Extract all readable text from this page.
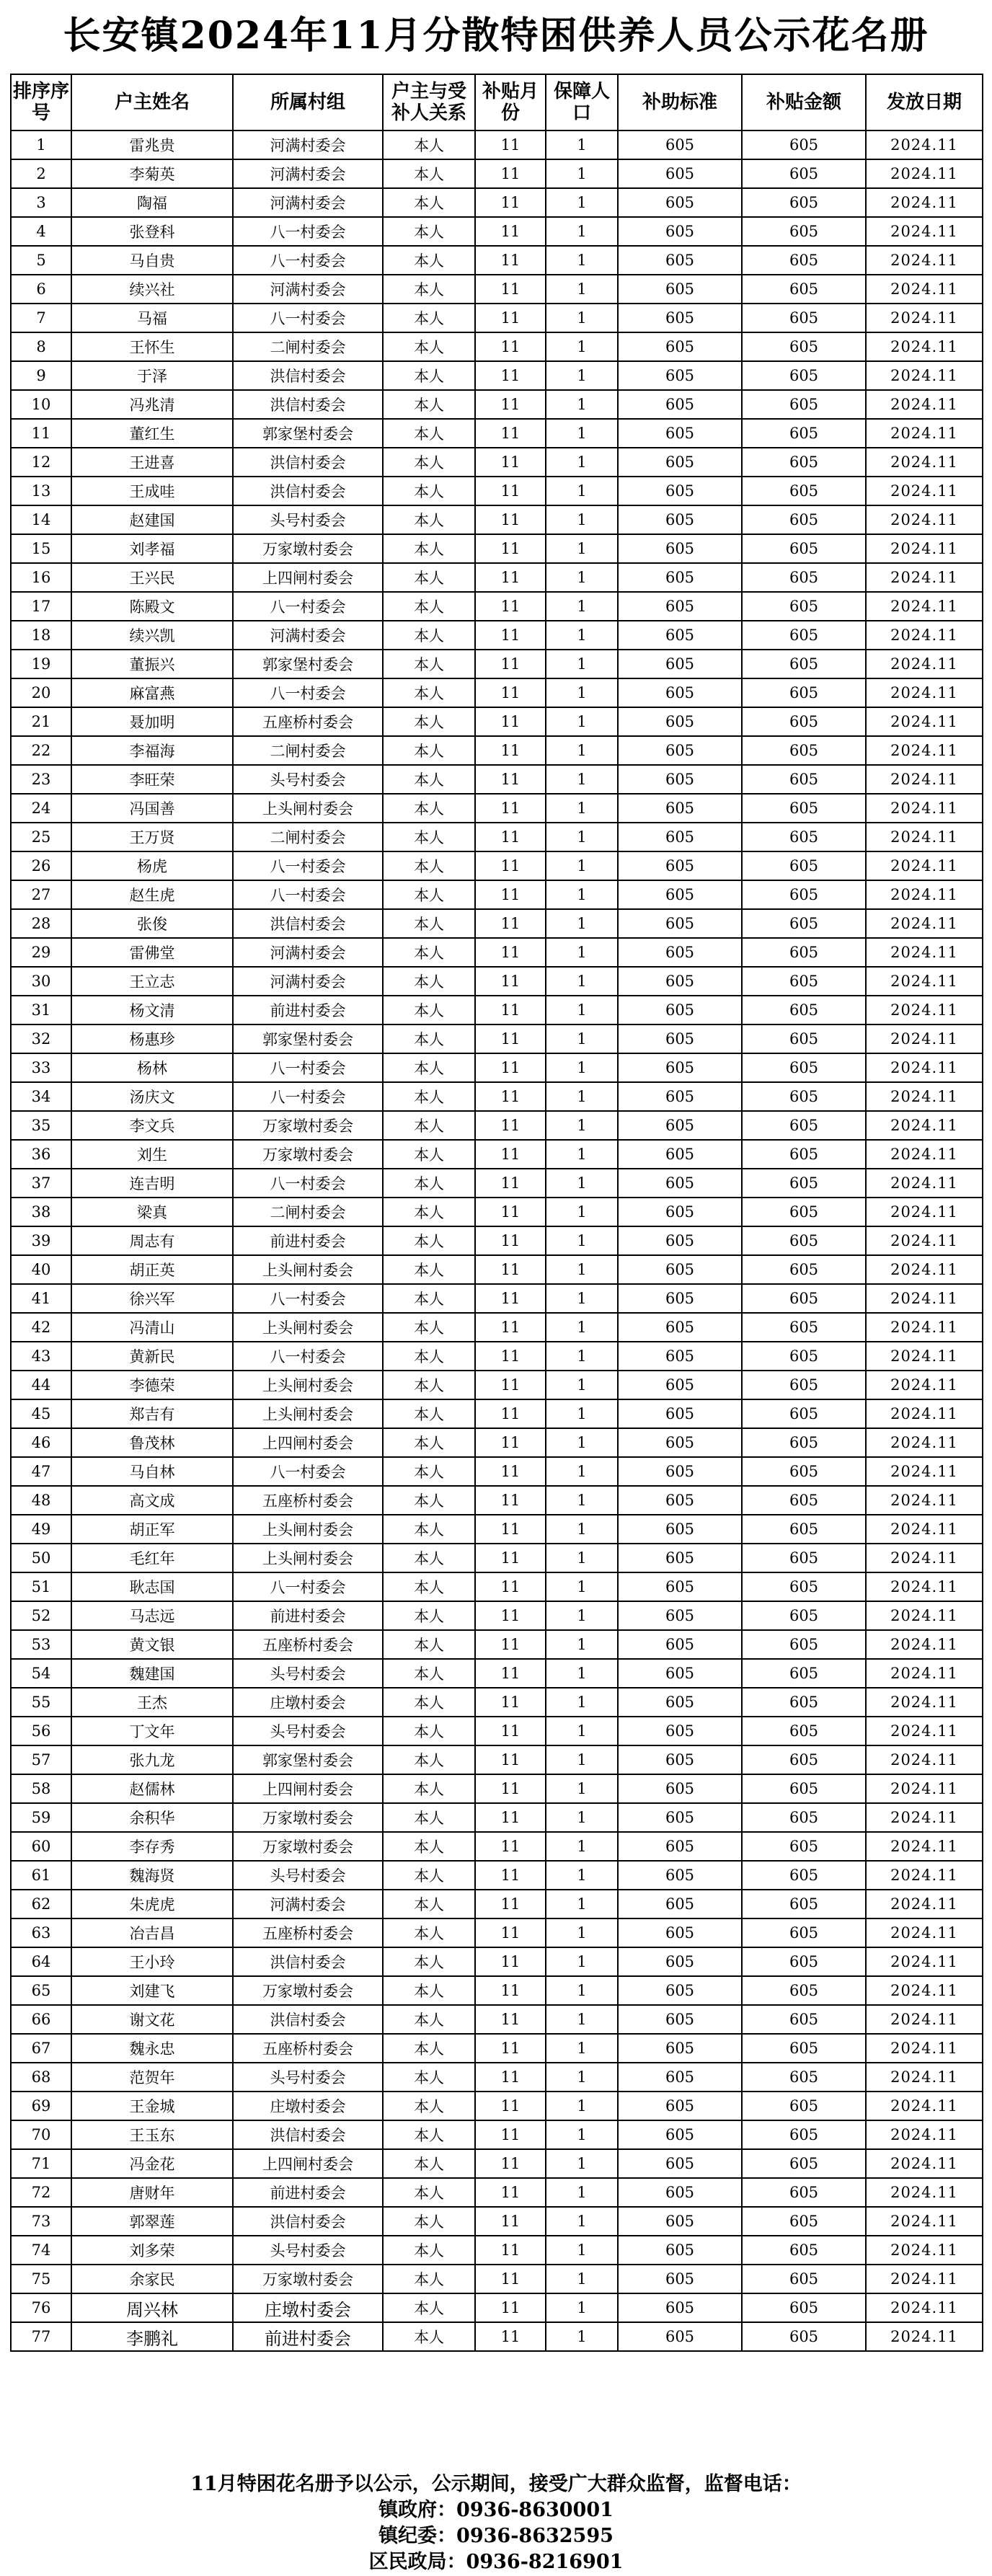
长安镇2024年11月分散特困供养人员公示花名册
排序序号	户主姓名	所属村组	户主与受补人关系	补贴月份	保障人口	补助标准	补贴金额	发放日期
1	雷兆贵	河满村委会	本人	11	1	605	605	2024.11
2	李菊英	河满村委会	本人	11	1	605	605	2024.11
3	陶福	河满村委会	本人	11	1	605	605	2024.11
4	张登科	八一村委会	本人	11	1	605	605	2024.11
5	马自贵	八一村委会	本人	11	1	605	605	2024.11
6	续兴社	河满村委会	本人	11	1	605	605	2024.11
7	马福	八一村委会	本人	11	1	605	605	2024.11
8	王怀生	二闸村委会	本人	11	1	605	605	2024.11
9	于泽	洪信村委会	本人	11	1	605	605	2024.11
10	冯兆清	洪信村委会	本人	11	1	605	605	2024.11
11	董红生	郭家堡村委会	本人	11	1	605	605	2024.11
12	王进喜	洪信村委会	本人	11	1	605	605	2024.11
13	王成哇	洪信村委会	本人	11	1	605	605	2024.11
14	赵建国	头号村委会	本人	11	1	605	605	2024.11
15	刘孝福	万家墩村委会	本人	11	1	605	605	2024.11
16	王兴民	上四闸村委会	本人	11	1	605	605	2024.11
17	陈殿文	八一村委会	本人	11	1	605	605	2024.11
18	续兴凯	河满村委会	本人	11	1	605	605	2024.11
19	董振兴	郭家堡村委会	本人	11	1	605	605	2024.11
20	麻富燕	八一村委会	本人	11	1	605	605	2024.11
21	聂加明	五座桥村委会	本人	11	1	605	605	2024.11
22	李福海	二闸村委会	本人	11	1	605	605	2024.11
23	李旺荣	头号村委会	本人	11	1	605	605	2024.11
24	冯国善	上头闸村委会	本人	11	1	605	605	2024.11
25	王万贤	二闸村委会	本人	11	1	605	605	2024.11
26	杨虎	八一村委会	本人	11	1	605	605	2024.11
27	赵生虎	八一村委会	本人	11	1	605	605	2024.11
28	张俊	洪信村委会	本人	11	1	605	605	2024.11
29	雷佛堂	河满村委会	本人	11	1	605	605	2024.11
30	王立志	河满村委会	本人	11	1	605	605	2024.11
31	杨文清	前进村委会	本人	11	1	605	605	2024.11
32	杨惠珍	郭家堡村委会	本人	11	1	605	605	2024.11
33	杨林	八一村委会	本人	11	1	605	605	2024.11
34	汤庆文	八一村委会	本人	11	1	605	605	2024.11
35	李文兵	万家墩村委会	本人	11	1	605	605	2024.11
36	刘生	万家墩村委会	本人	11	1	605	605	2024.11
37	连吉明	八一村委会	本人	11	1	605	605	2024.11
38	梁真	二闸村委会	本人	11	1	605	605	2024.11
39	周志有	前进村委会	本人	11	1	605	605	2024.11
40	胡正英	上头闸村委会	本人	11	1	605	605	2024.11
41	徐兴军	八一村委会	本人	11	1	605	605	2024.11
42	冯清山	上头闸村委会	本人	11	1	605	605	2024.11
43	黄新民	八一村委会	本人	11	1	605	605	2024.11
44	李德荣	上头闸村委会	本人	11	1	605	605	2024.11
45	郑吉有	上头闸村委会	本人	11	1	605	605	2024.11
46	鲁茂林	上四闸村委会	本人	11	1	605	605	2024.11
47	马自林	八一村委会	本人	11	1	605	605	2024.11
48	高文成	五座桥村委会	本人	11	1	605	605	2024.11
49	胡正军	上头闸村委会	本人	11	1	605	605	2024.11
50	毛红年	上头闸村委会	本人	11	1	605	605	2024.11
51	耿志国	八一村委会	本人	11	1	605	605	2024.11
52	马志远	前进村委会	本人	11	1	605	605	2024.11
53	黄文银	五座桥村委会	本人	11	1	605	605	2024.11
54	魏建国	头号村委会	本人	11	1	605	605	2024.11
55	王杰	庄墩村委会	本人	11	1	605	605	2024.11
56	丁文年	头号村委会	本人	11	1	605	605	2024.11
57	张九龙	郭家堡村委会	本人	11	1	605	605	2024.11
58	赵儒林	上四闸村委会	本人	11	1	605	605	2024.11
59	余积华	万家墩村委会	本人	11	1	605	605	2024.11
60	李存秀	万家墩村委会	本人	11	1	605	605	2024.11
61	魏海贤	头号村委会	本人	11	1	605	605	2024.11
62	朱虎虎	河满村委会	本人	11	1	605	605	2024.11
63	冶吉昌	五座桥村委会	本人	11	1	605	605	2024.11
64	王小玲	洪信村委会	本人	11	1	605	605	2024.11
65	刘建飞	万家墩村委会	本人	11	1	605	605	2024.11
66	谢文花	洪信村委会	本人	11	1	605	605	2024.11
67	魏永忠	五座桥村委会	本人	11	1	605	605	2024.11
68	范贺年	头号村委会	本人	11	1	605	605	2024.11
69	王金城	庄墩村委会	本人	11	1	605	605	2024.11
70	王玉东	洪信村委会	本人	11	1	605	605	2024.11
71	冯金花	上四闸村委会	本人	11	1	605	605	2024.11
72	唐财年	前进村委会	本人	11	1	605	605	2024.11
73	郭翠莲	洪信村委会	本人	11	1	605	605	2024.11
74	刘多荣	头号村委会	本人	11	1	605	605	2024.11
75	余家民	万家墩村委会	本人	11	1	605	605	2024.11
76	周兴林	庄墩村委会	本人	11	1	605	605	2024.11
77	李鹏礼	前进村委会	本人	11	1	605	605	2024.11
11月特困花名册予以公示，公示期间，接受广大群众监督，监督电话：
镇政府：0936-8630001
镇纪委：0936-8632595
区民政局：0936-8216901
